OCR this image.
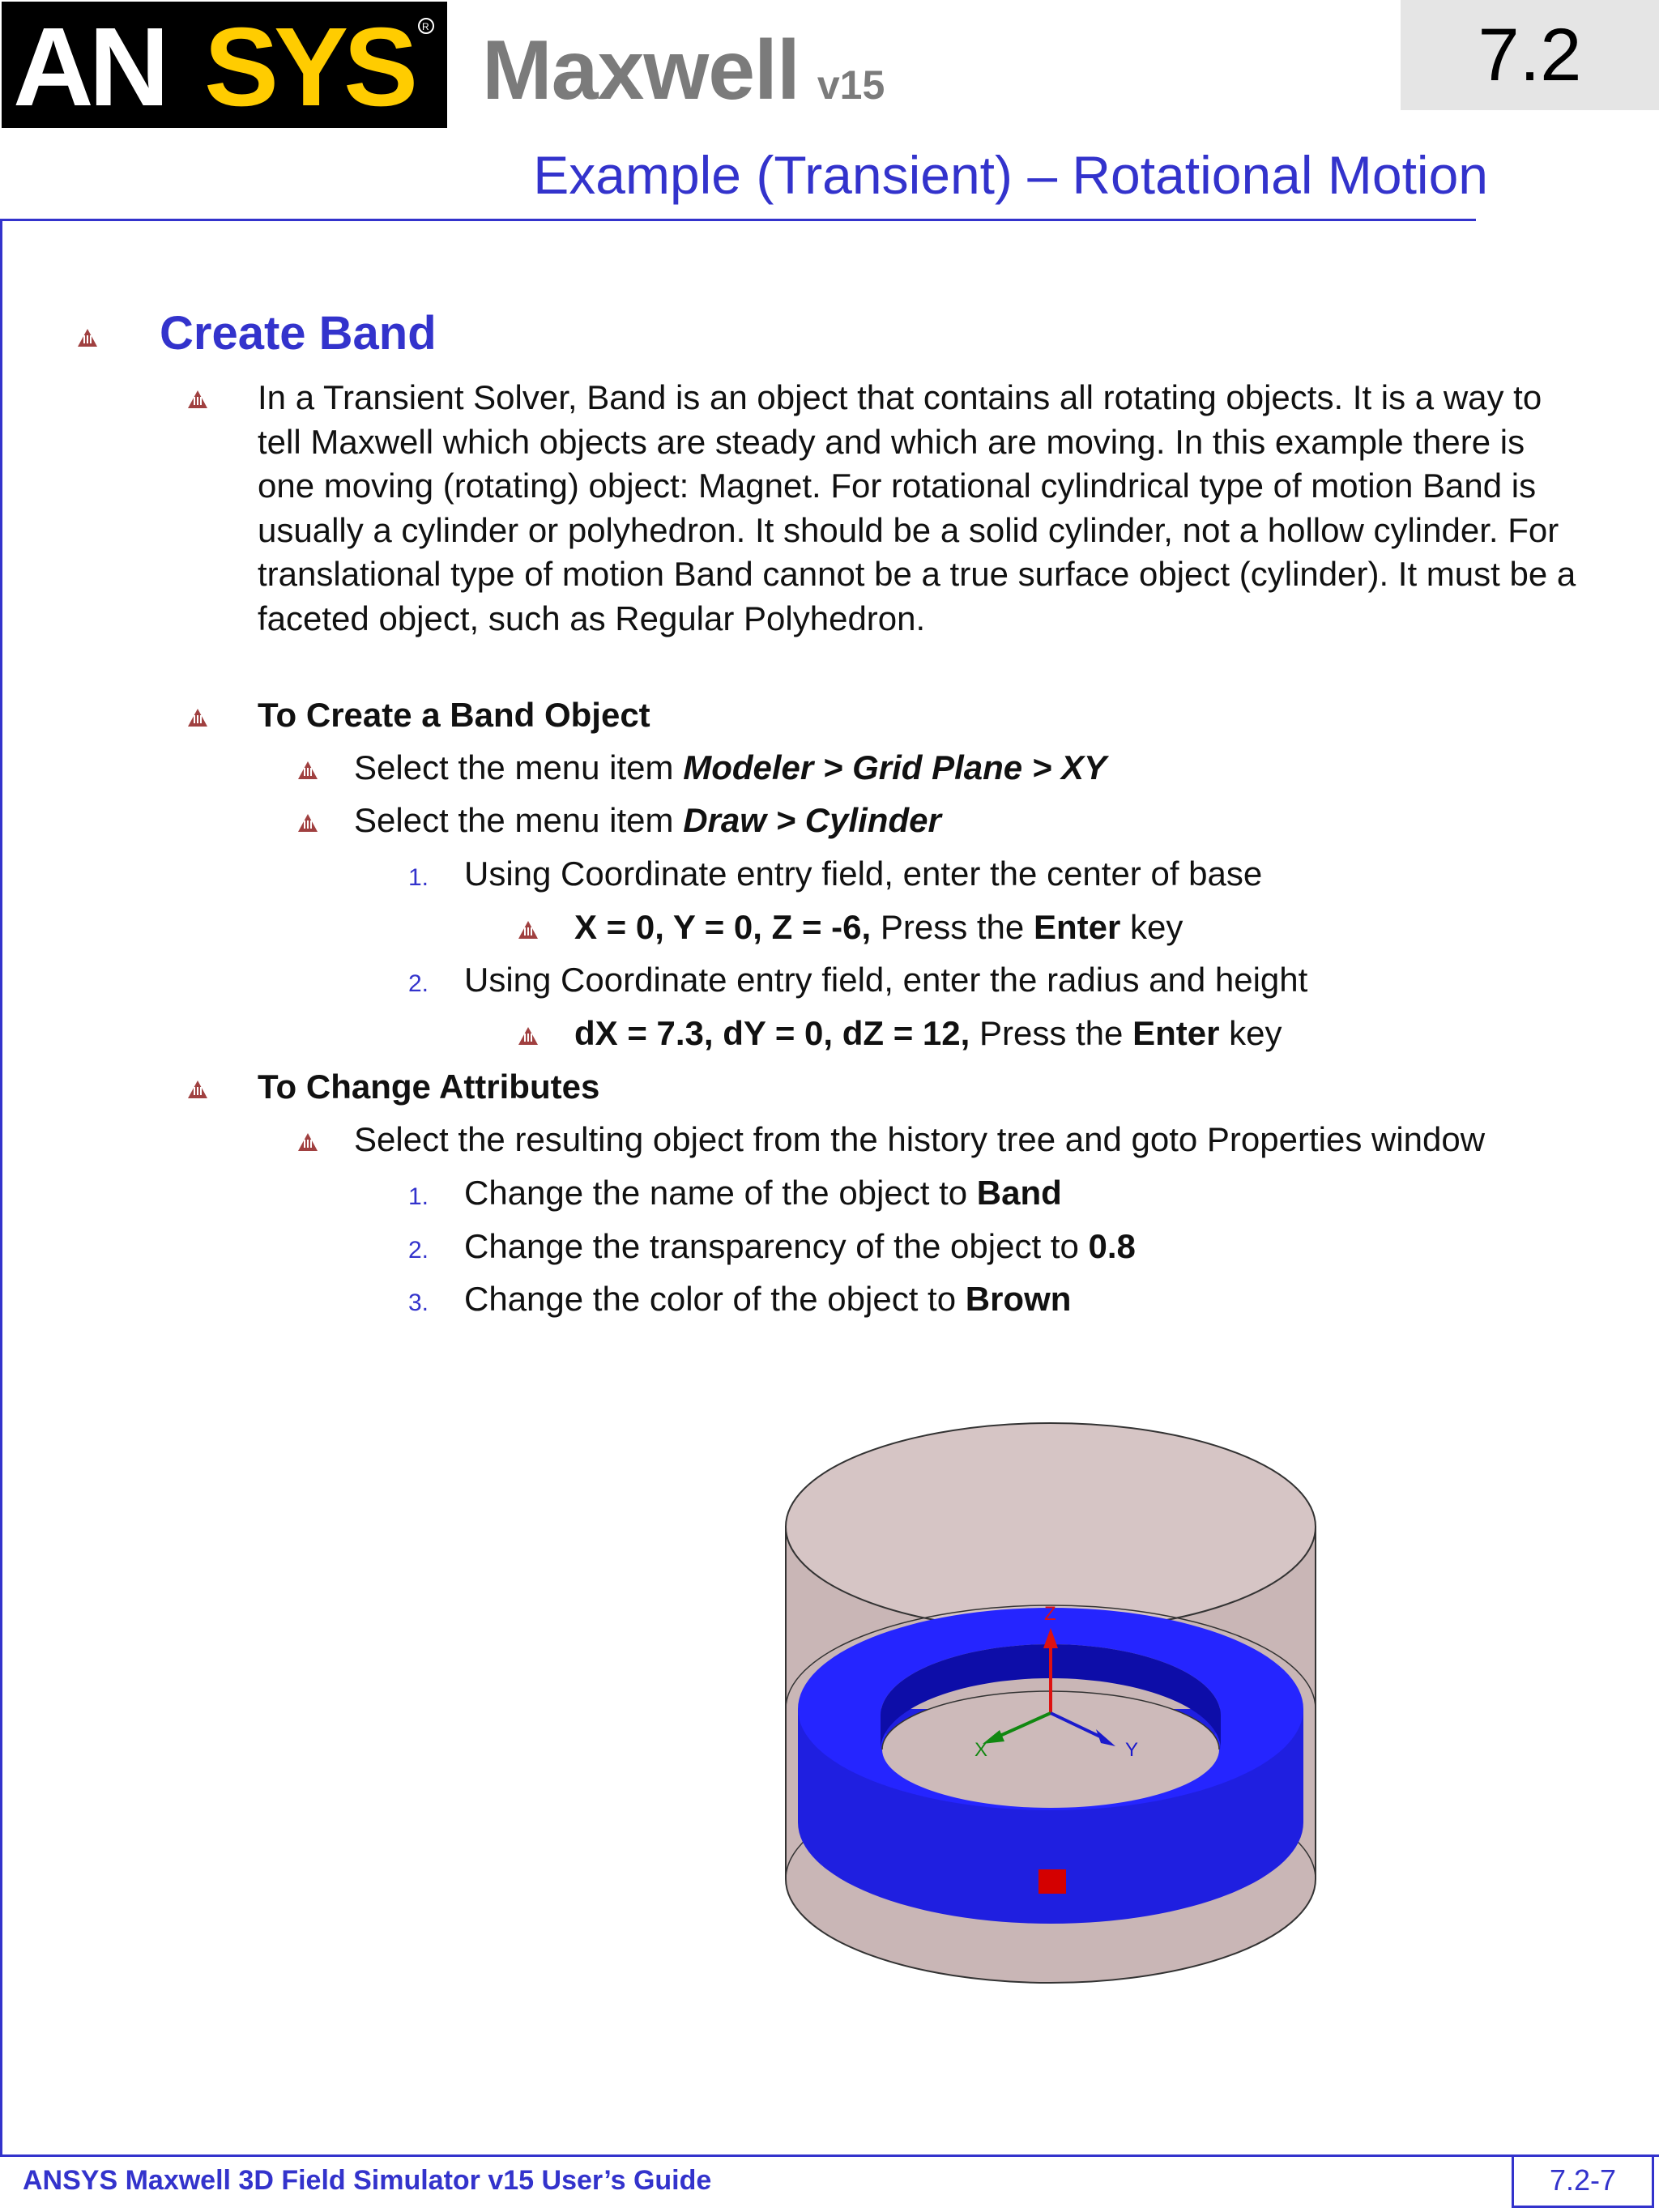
AN SYS R Maxwell v15	7.2
Example (Transient) – Rotational Motion
Create Band
In a Transient Solver, Band is an object that contains all rotating objects. It is a way to tell Maxwell which objects are steady and which are moving. In this example there is one moving (rotating) object: Magnet. For rotational cylindrical type of motion Band is usually a cylinder or polyhedron. It should be a solid cylinder, not a hollow cylinder. For translational type of motion Band cannot be a true surface object (cylinder). It must be a faceted object, such as Regular Polyhedron.
To Create a Band Object
Select the menu item Modeler > Grid Plane > XY
Select the menu item Draw > Cylinder
1. Using Coordinate entry field, enter the center of base
X = 0, Y = 0, Z = -6, Press the Enter key
2. Using Coordinate entry field, enter the radius and height
dX = 7.3, dY = 0, dZ = 12, Press the Enter key
To Change Attributes
Select the resulting object from the history tree and goto Properties window
1. Change the name of the object to Band
2. Change the transparency of the object to 0.8
3. Change the color of the object to Brown
Z
X	Y
ANSYS Maxwell 3D Field Simulator v15 User’s Guide	7.2-7
